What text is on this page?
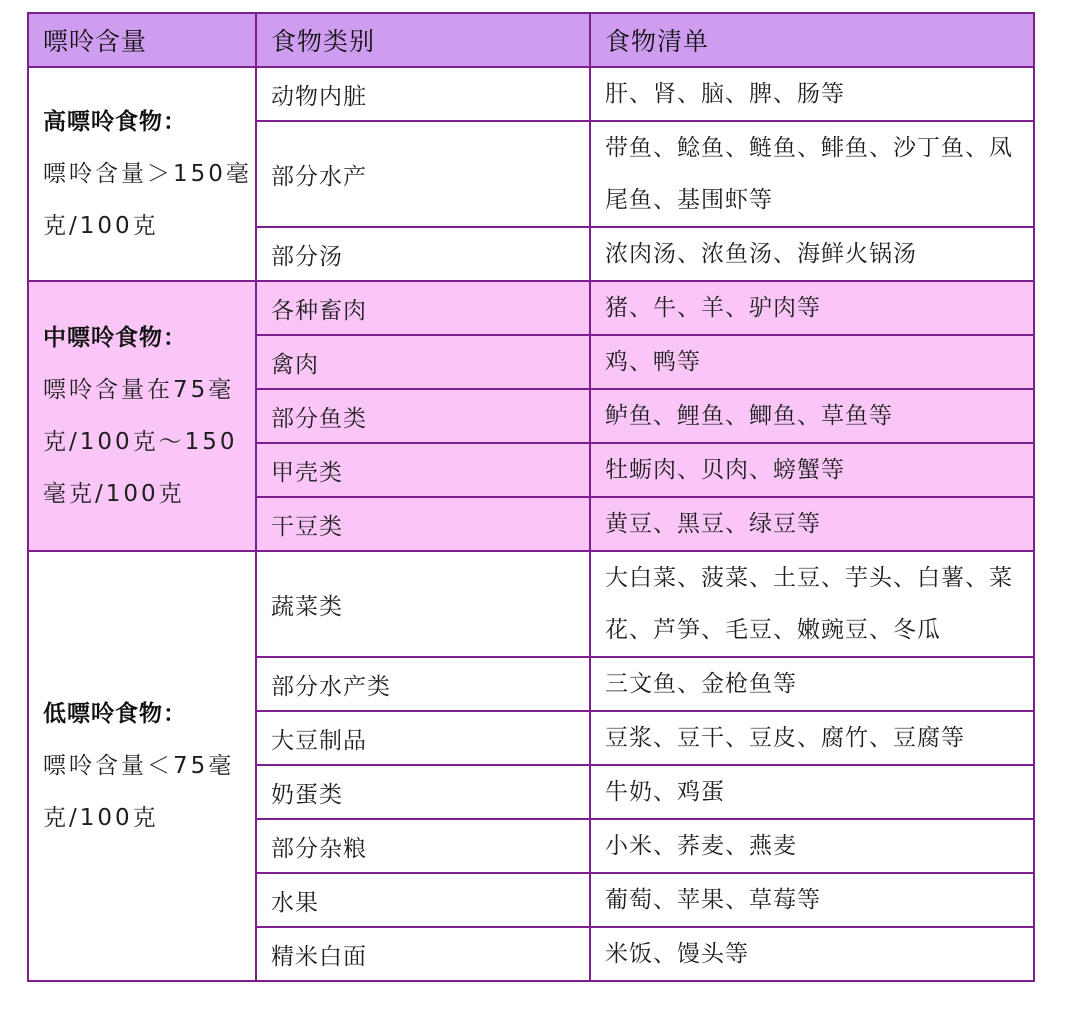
嘌呤含量	食物类别	食物清单

高嘌呤食物：
嘌呤含量＞150毫克/100克	动物内脏	肝、肾、脑、脾、肠等
	部分水产	带鱼、鲶鱼、鲢鱼、鲱鱼、沙丁鱼、凤尾鱼、基围虾等
	部分汤	浓肉汤、浓鱼汤、海鲜火锅汤

中嘌呤食物：
嘌呤含量在75毫克/100克～150毫克/100克	各种畜肉	猪、牛、羊、驴肉等
	禽肉	鸡、鸭等
	部分鱼类	鲈鱼、鲤鱼、鲫鱼、草鱼等
	甲壳类	牡蛎肉、贝肉、螃蟹等
	干豆类	黄豆、黑豆、绿豆等

低嘌呤食物：
嘌呤含量＜75毫克/100克	蔬菜类	大白菜、菠菜、土豆、芋头、白薯、菜花、芦笋、毛豆、嫩豌豆、冬瓜
	部分水产类	三文鱼、金枪鱼等
	大豆制品	豆浆、豆干、豆皮、腐竹、豆腐等
	奶蛋类	牛奶、鸡蛋
	部分杂粮	小米、荞麦、燕麦
	水果	葡萄、苹果、草莓等
	精米白面	米饭、馒头等
